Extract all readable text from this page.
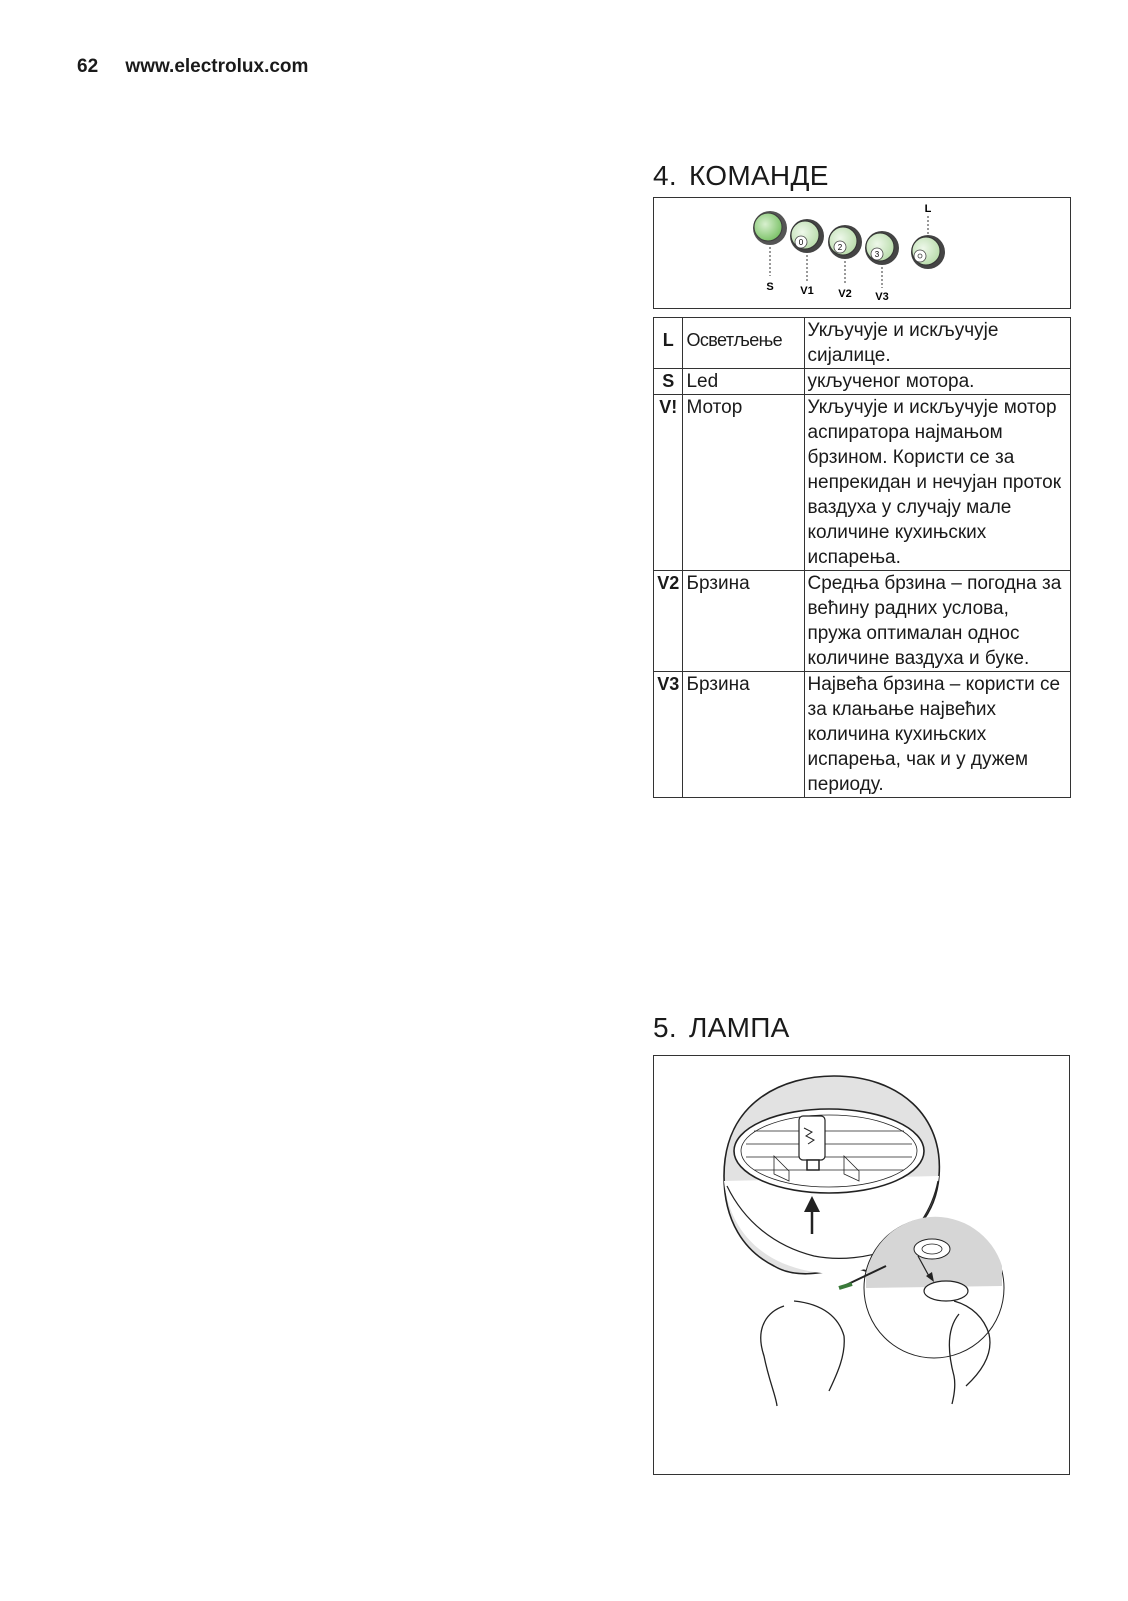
62 www.electrolux.com
4. КОМАНДЕ
0
2
3
S V1 V2 V3
L
L	Осветљење	Укључује и искључује сијалице.
S	Led	укљученог мотора.
V!	Мотор	Укључује и искључује мотор аспиратора најмањом брзином. Користи се за непрекидан и нечујан проток ваздуха у случају мале количине кухињских испарења.
V2	Брзина	Средња брзина – погодна за већину радних услова, пружа оптималан однос количине ваздуха и буке.
V3	Брзина	Највећа брзина – користи се за клањање највећих количина кухињских испарења, чак и у дужем периоду.
5. ЛАМПА
